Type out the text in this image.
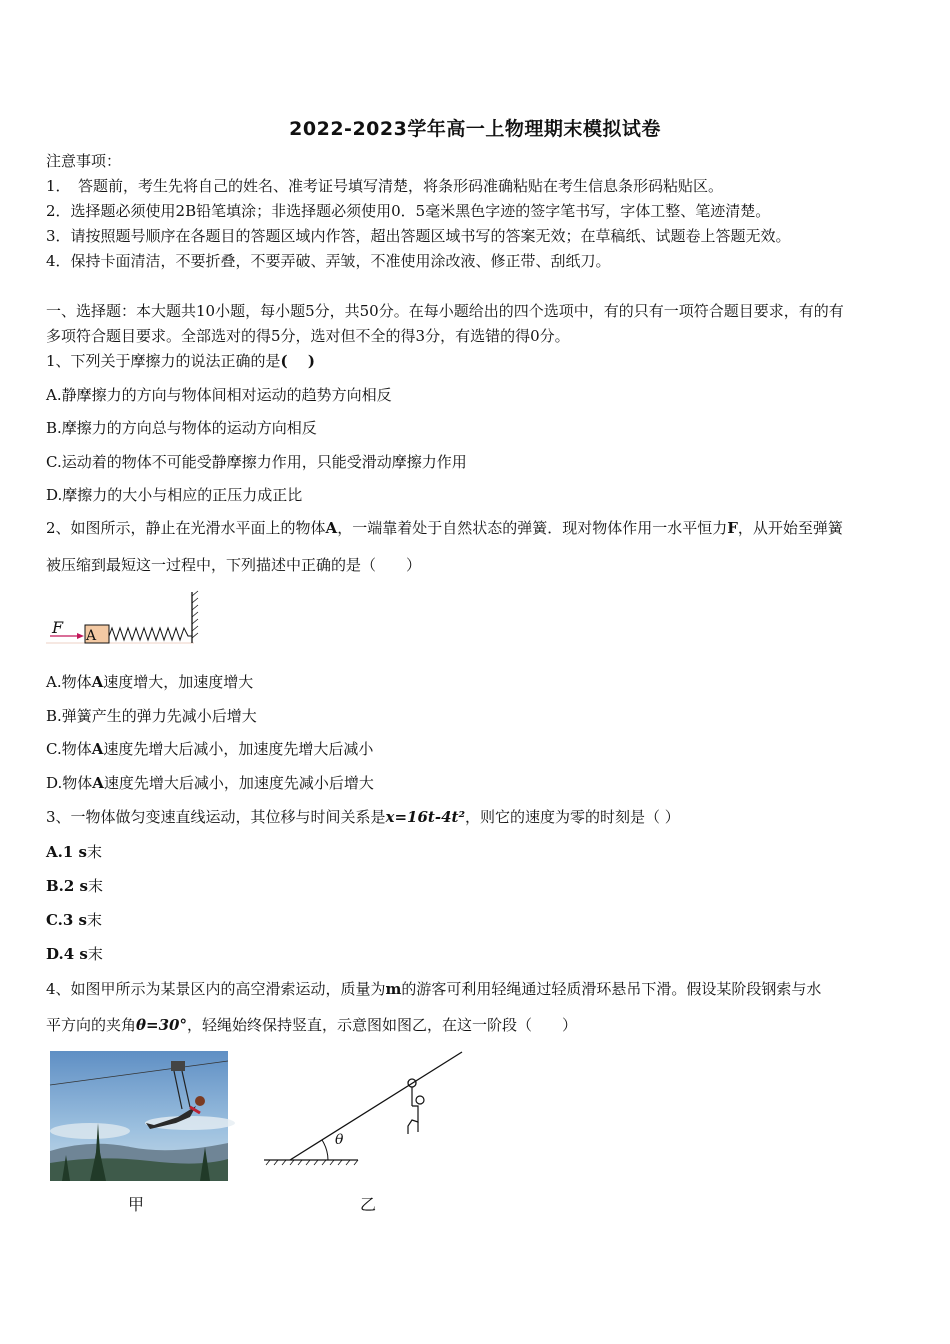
2022-2023学年高一上物理期末模拟试卷
注意事项：
1．　答题前，考生先将自己的姓名、准考证号填写清楚，将条形码准确粘贴在考生信息条形码粘贴区。
2．选择题必须使用2B铅笔填涂；非选择题必须使用0．5毫米黑色字迹的签字笔书写，字体工整、笔迹清楚。
3．请按照题号顺序在各题目的答题区域内作答，超出答题区域书写的答案无效；在草稿纸、试题卷上答题无效。
4．保持卡面清洁，不要折叠，不要弄破、弄皱，不准使用涂改液、修正带、刮纸刀。
一、选择题：本大题共10小题，每小题5分，共50分。在每小题给出的四个选项中，有的只有一项符合题目要求，有的有
多项符合题目要求。全部选对的得5分，选对但不全的得3分，有选错的得0分。
1、下列关于摩擦力的说法正确的是(　 )
A.静摩擦力的方向与物体间相对运动的趋势方向相反
B.摩擦力的方向总与物体的运动方向相反
C.运动着的物体不可能受静摩擦力作用，只能受滑动摩擦力作用
D.摩擦力的大小与相应的正压力成正比
2、如图所示，静止在光滑水平面上的物体A，一端靠着处于自然状态的弹簧．现对物体作用一水平恒力F，从开始至弹簧
被压缩到最短这一过程中，下列描述中正确的是（　　）
F A
A.物体A速度增大，加速度增大
B.弹簧产生的弹力先减小后增大
C.物体A速度先增大后减小，加速度先增大后减小
D.物体A速度先增大后减小，加速度先减小后增大
3、一物体做匀变速直线运动，其位移与时间关系是x=16t-4t²，则它的速度为零的时刻是（ ）
A.1 s末
B.2 s末
C.3 s末
D.4 s末
4、如图甲所示为某景区内的高空滑索运动，质量为m的游客可利用轻绳通过轻质滑环悬吊下滑。假设某阶段钢索与水
平方向的夹角θ=30°，轻绳始终保持竖直，示意图如图乙，在这一阶段（　　）
甲
θ
乙
